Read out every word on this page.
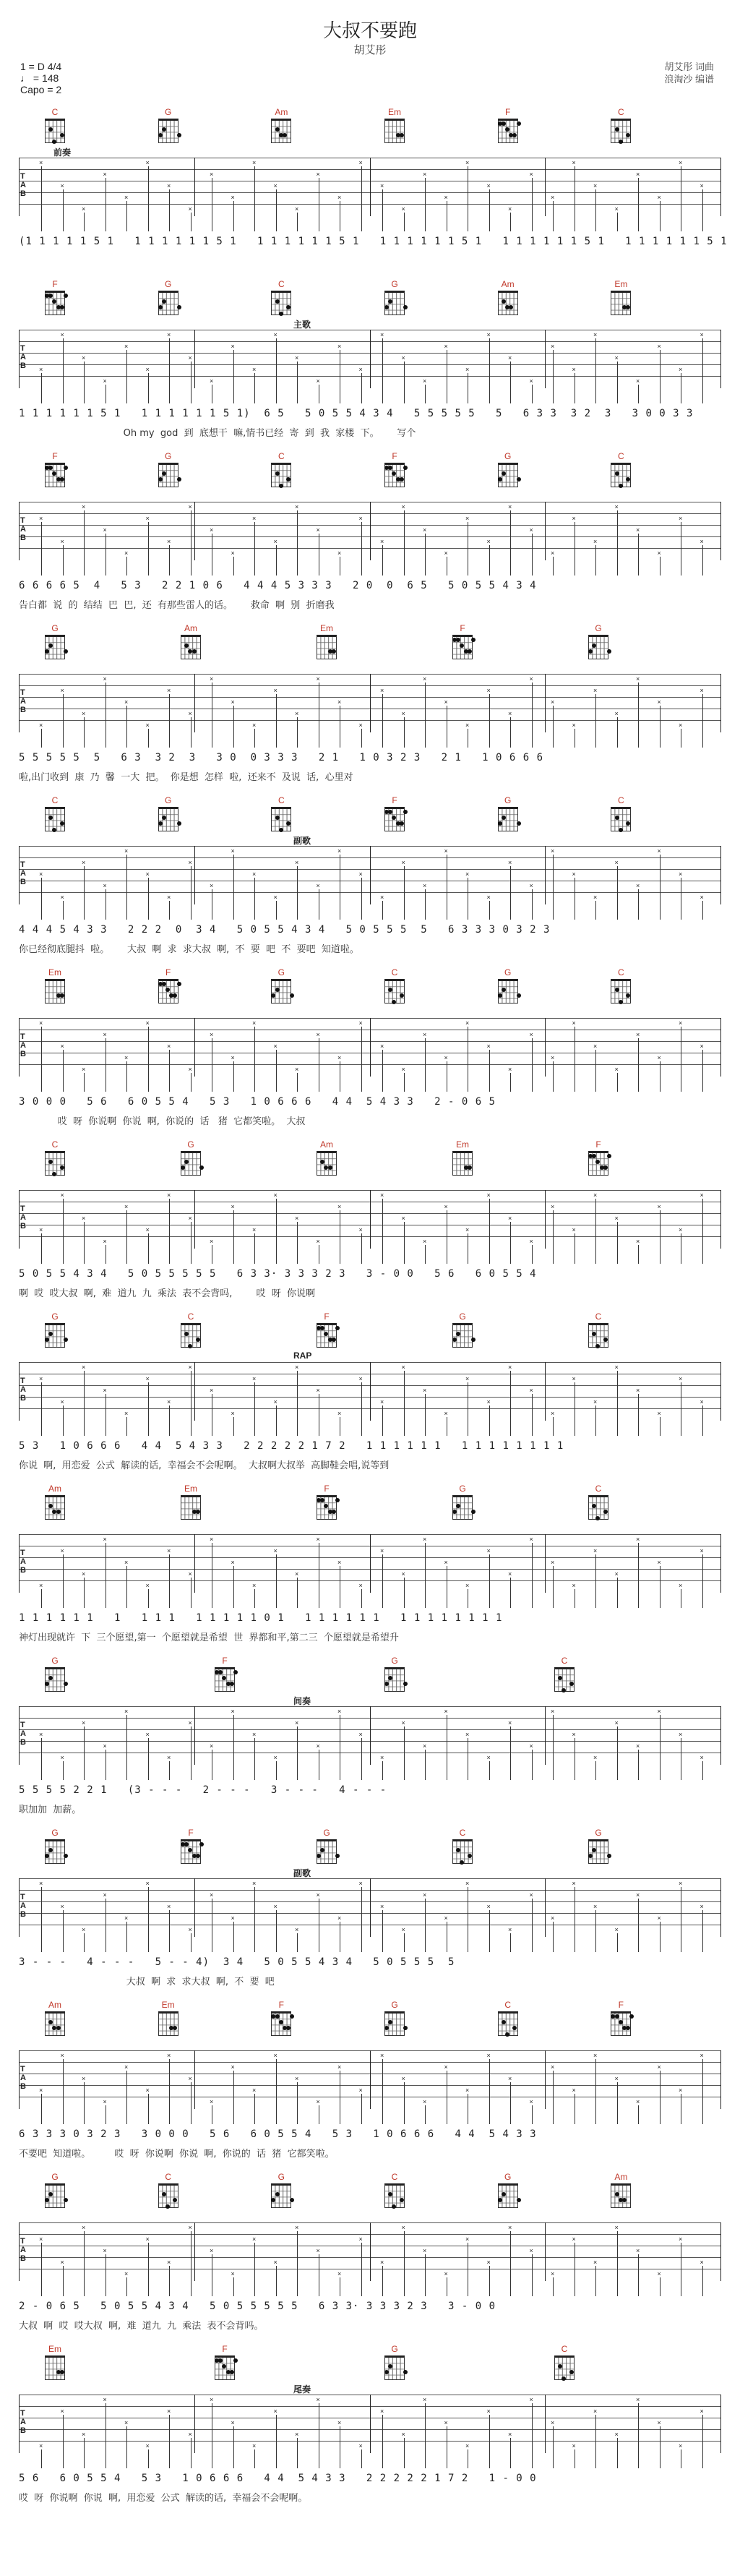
大叔不要跑
胡艾彤
1 = D 4/4
♩ = 148
Capo = 2
胡艾彤 词曲
浪淘沙 编谱
C	G	Am	Em	F	C
前奏
T
A
B
×
×
×
×
×
×
×
×
×
×
×
×
×
×
×
×
×
×
×
×
×
×
×
×
×
×
×
×
×
×
×
×
(1 1 1 1 1 5 1   1 1 1 1 1 1 5 1   1 1 1 1 1 1 5 1   1 1 1 1 1 1 5 1   1 1 1 1 1 1 5 1   1 1 1 1 1 1 5 1
F	G	C	G	Am	Em
主歌
T
A
B ×
×
×
×
×
×
×
×
×
×
×
×
×
×
×
×
×
×
×
×
×
×
×
×
×
×
×
×
×
×
×
×
1 1 1 1 1 1 5 1   1 1 1 1 1 1 5 1)  6 5   5 0 5 5 4 3 4   5 5 5 5 5   5   6 3 3  3 2  3   3 0 0 3 3
Oh my  god  到  底想干  嘛,情书已经  寄  到  我  家楼  下。      写个
F	G	C	F	G	C
T
A
B
×
×
×
×
×
×
×
×
×
×
×
×
×
×
×
×
×
×
×
×
×
×
×
×
×
×
×
×
×
×
×
×
6 6 6 6 5  4   5 3   2 2 1 0 6   4 4 4 5 3 3 3   2 0  0  6 5   5 0 5 5 4 3 4
告白都  说  的  结结  巴  巴,  还  有那些雷人的话。      救命  啊  别  折磨我
G	Am	Em	F	G
T
A
B
×
×
×
×
×
×
×
×
×
×
×
×
×
×
×
×
×
×
×
×
×
×
×
×
×
×
×
×
×
×
×
×
5 5 5 5 5  5   6 3  3 2  3   3 0  0 3 3 3   2 1   1 0 3 2 3   2 1   1 0 6 6 6
啦,出门收到  康  乃  馨  一大  把。  你是想  怎样  啦,  还来不  及说  话,  心里对
C	G	C	F	G	C
副歌
T
A
B
×
×
×
×
×
×
×
×
×
×
×
×
×
×
×
×
×
×
×
×
×
×
×
×
×
×
×
×
×
×
×
×
4 4 4 5 4 3 3   2 2 2  0  3 4   5 0 5 5 4 3 4   5 0 5 5 5  5   6 3 3 3 0 3 2 3
你已经彻底腿抖  啦。      大叔  啊  求  求大叔  啊,  不  要  吧  不  要吧  知道啦。
Em	F	G	C	G	C
T
A
B
×
×
×
×
×
×
×
×
×
×
×
×
×
×
×
×
×
×
×
×
×
×
×
×
×
×
×
×
×
×
×
×
3 0 0 0   5 6   6 0 5 5 4   5 3   1 0 6 6 6   4 4  5 4 3 3   2 - 0 6 5
哎  呀  你说啊  你说  啊,  你说的  话   猪  它都笑啦。  大叔
C	G	Am	Em	F
T
A
B ×
×
×
×
×
×
×
×
×
×
×
×
×
×
×
×
×
×
×
×
×
×
×
×
×
×
×
×
×
×
×
×
5 0 5 5 4 3 4   5 0 5 5 5 5 5   6 3 3· 3 3 3 2 3   3 - 0 0   5 6   6 0 5 5 4
啊  哎  哎大叔  啊,  难  道九  九  乘法  表不会背吗,        哎  呀  你说啊
G	C	F	G	C
RAP
T
A
B
×
×
×
×
×
×
×
×
×
×
×
×
×
×
×
×
×
×
×
×
×
×
×
×
×
×
×
×
×
×
×
×
5 3   1 0 6 6 6   4 4  5 4 3 3   2 2 2 2 2 1 7 2   1 1 1 1 1 1   1 1 1 1 1 1 1 1
你说  啊,  用恋爱  公式  解读的话,  幸福会不会呢啊。  大叔啊大叔举  高脚鞋会唱,说等到
Am	Em	F	G	C
T
A
B
×
×
×
×
×
×
×
×
×
×
×
×
×
×
×
×
×
×
×
×
×
×
×
×
×
×
×
×
×
×
×
×
1 1 1 1 1 1   1   1 1 1   1 1 1 1 1 0 1   1 1 1 1 1 1   1 1 1 1 1 1 1 1
神灯出现就许  下  三个愿望,第一  个愿望就是希望  世  界都和平,第二三  个愿望就是希望升
G	F	G	C
间奏
T
A
B
×
×
×
×
×
×
×
×
×
×
×
×
×
×
×
×
×
×
×
×
×
×
×
×
×
×
×
×
×
×
×
×
5 5 5 5 2 2 1   (3 - - -   2 - - -   3 - - -   4 - - -
职加加  加薪。
G	F	G	C	G
副歌
T
A
B
×
×
×
×
×
×
×
×
×
×
×
×
×
×
×
×
×
×
×
×
×
×
×
×
×
×
×
×
×
×
×
×
3 - - -   4 - - -   5 - - 4)  3 4   5 0 5 5 4 3 4   5 0 5 5 5  5
大叔  啊  求  求大叔  啊,  不  要  吧
Am	Em	F	G	C	F
T
A
B ×
×
×
×
×
×
×
×
×
×
×
×
×
×
×
×
×
×
×
×
×
×
×
×
×
×
×
×
×
×
×
×
6 3 3 3 0 3 2 3   3 0 0 0   5 6   6 0 5 5 4   5 3   1 0 6 6 6   4 4  5 4 3 3
不要吧  知道啦。        哎  呀  你说啊  你说  啊,  你说的  话  猪  它都笑啦。
G	C	G	C	G	Am
T
A
B
×
×
×
×
×
×
×
×
×
×
×
×
×
×
×
×
×
×
×
×
×
×
×
×
×
×
×
×
×
×
×
×
2 - 0 6 5   5 0 5 5 4 3 4   5 0 5 5 5 5 5   6 3 3· 3 3 3 2 3   3 - 0 0
大叔  啊  哎  哎大叔  啊,  难  道九  九  乘法  表不会背吗。
Em	F	G	C
尾奏
T
A
B
×
×
×
×
×
×
×
×
×
×
×
×
×
×
×
×
×
×
×
×
×
×
×
×
×
×
×
×
×
×
×
×
5 6   6 0 5 5 4   5 3   1 0 6 6 6   4 4  5 4 3 3   2 2 2 2 2 1 7 2   1 - 0 0
哎  呀  你说啊  你说  啊,  用恋爱  公式  解读的话,  幸福会不会呢啊。
